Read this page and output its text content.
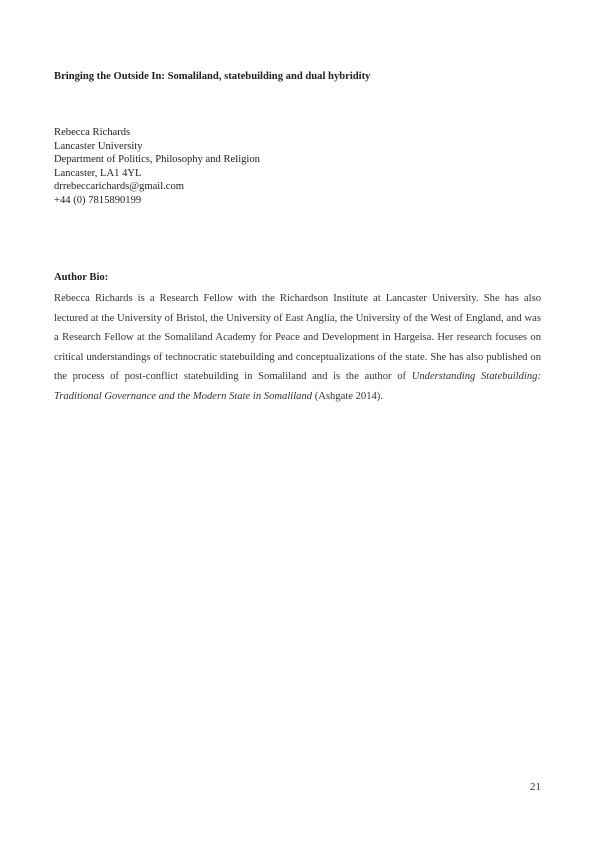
Bringing the Outside In: Somaliland, statebuilding and dual hybridity
Rebecca Richards
Lancaster University
Department of Politics, Philosophy and Religion
Lancaster, LA1 4YL
drrebeccarichards@gmail.com
+44 (0) 7815890199
Author Bio:
Rebecca Richards is a Research Fellow with the Richardson Institute at Lancaster University. She has also lectured at the University of Bristol, the University of East Anglia, the University of the West of England, and was a Research Fellow at the Somaliland Academy for Peace and Development in Hargeisa. Her research focuses on critical understandings of technocratic statebuilding and conceptualizations of the state. She has also published on the process of post-conflict statebuilding in Somaliland and is the author of Understanding Statebuilding: Traditional Governance and the Modern State in Somaliland (Ashgate 2014).
21
